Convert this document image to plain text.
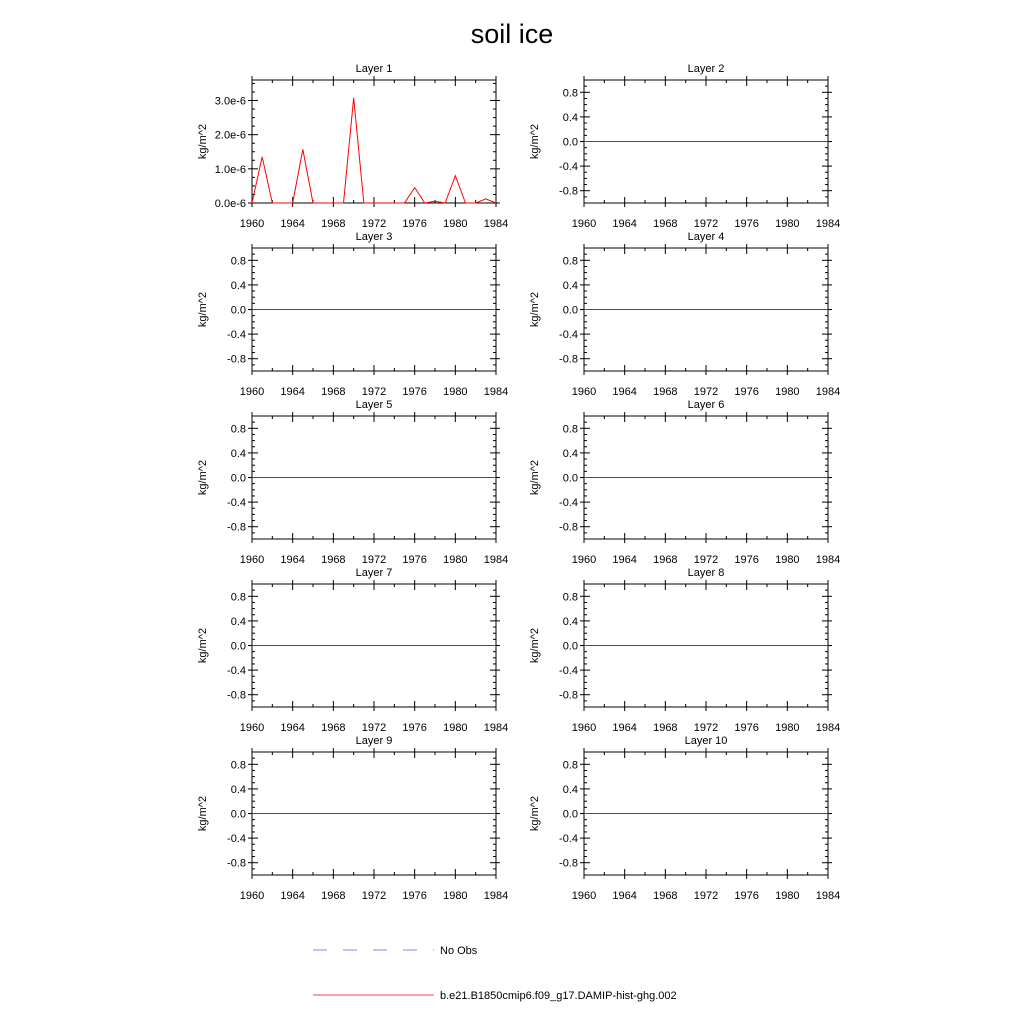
soil ice
Layer 1
kg/m^2
1960 1964 1968 1972 1976 1980 1984
0.0e-6
1.0e-6
2.0e-6
3.0e-6
Layer 2
kg/m^2
1960 1964 1968 1972 1976 1980 1984
-0.8
-0.4
0.0
0.4
0.8
Layer 3
kg/m^2
1960 1964 1968 1972 1976 1980 1984
-0.8
-0.4
0.0
0.4
0.8
Layer 4
kg/m^2
1960 1964 1968 1972 1976 1980 1984
-0.8
-0.4
0.0
0.4
0.8
Layer 5
kg/m^2
1960 1964 1968 1972 1976 1980 1984
-0.8
-0.4
0.0
0.4
0.8
Layer 6
kg/m^2
1960 1964 1968 1972 1976 1980 1984
-0.8
-0.4
0.0
0.4
0.8
Layer 7
kg/m^2
1960 1964 1968 1972 1976 1980 1984
-0.8
-0.4
0.0
0.4
0.8
Layer 8
kg/m^2
1960 1964 1968 1972 1976 1980 1984
-0.8
-0.4
0.0
0.4
0.8
Layer 9
kg/m^2
1960 1964 1968 1972 1976 1980 1984
-0.8
-0.4
0.0
0.4
0.8
Layer 10
kg/m^2
1960 1964 1968 1972 1976 1980 1984
-0.8
-0.4
0.0
0.4
0.8
No Obs
b.e21.B1850cmip6.f09_g17.DAMIP-hist-ghg.002
